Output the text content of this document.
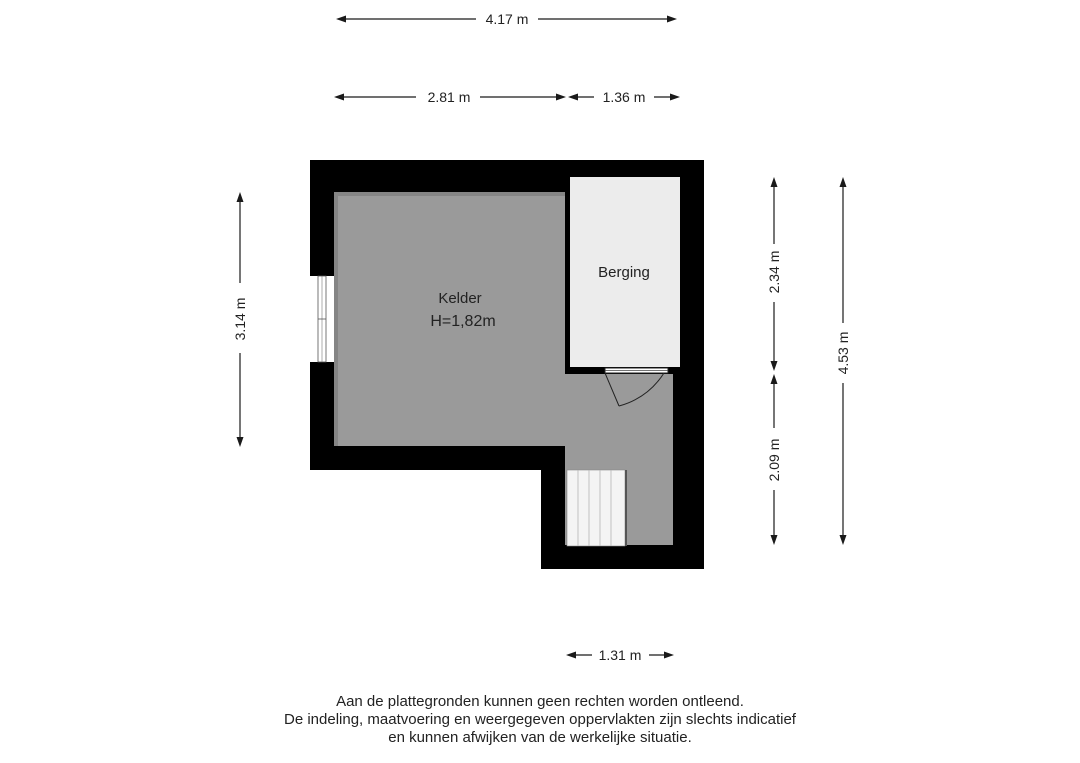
Kelder
H=1,82m
Berging
4.17 m
2.81 m	1.36 m
3.14 m
2.34 m
2.09 m
4.53 m
1.31 m
Aan de plattegronden kunnen geen rechten worden ontleend.
De indeling, maatvoering en weergegeven oppervlakten zijn slechts indicatief
en kunnen afwijken van de werkelijke situatie.
